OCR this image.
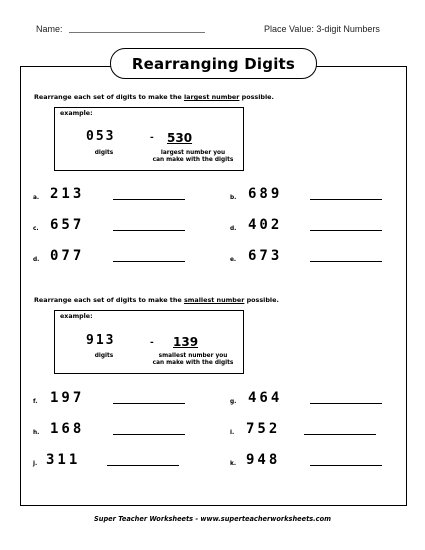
Name:	Place Value: 3-digit Numbers
Rearranging Digits
Rearrange each set of digits to make the largest number possible.
example:
053
digits
- 530
largest number you
can make with the digits
a. 213	b. 689
c. 657	d. 402
d. 077	e. 673
Rearrange each set of digits to make the smallest number possible.
example:
913
digits
- 139
smallest number you
can make with the digits
f. 197	g. 464
h. 168	i. 752
j. 311	k. 948
Super Teacher Worksheets - www.superteacherworksheets.com
